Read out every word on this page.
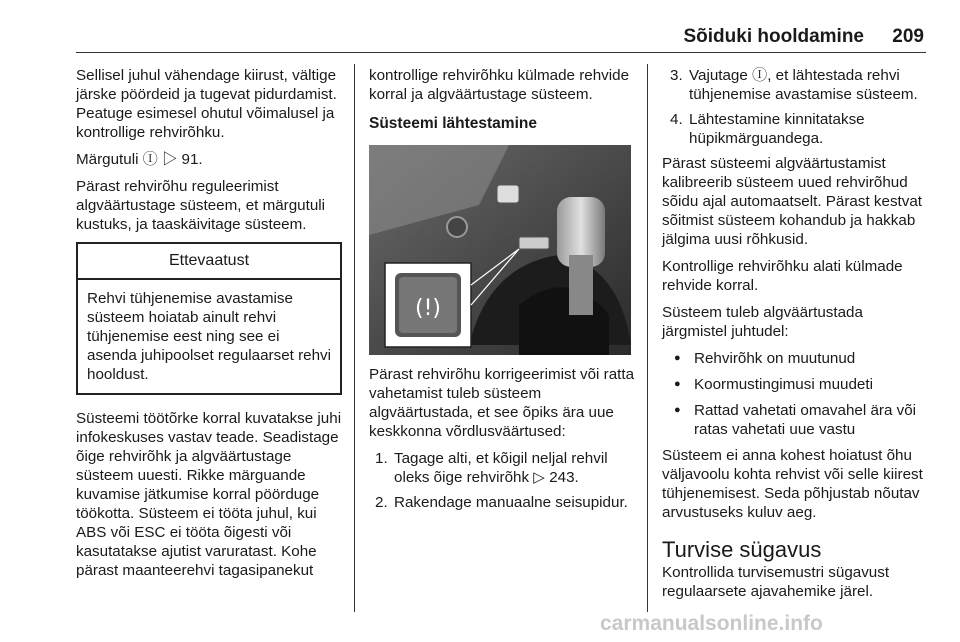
Sõiduki hooldamine 209

Sellisel juhul vähendage kiirust, vältige järske pöördeid ja tugevat pidurdamist. Peatuge esimesel ohutul võimalusel ja kontrollige rehvirõhku.

Märgutuli Ⓘ ▷ 91.

Pärast rehvirõhu reguleerimist algväärtustage süsteem, et märgutuli kustuks, ja taaskäivitage süsteem.

Ettevaatust
Rehvi tühjenemise avastamise süsteem hoiatab ainult rehvi tühjenemise eest ning see ei asenda juhipoolset regulaarset rehvi hooldust.

Süsteemi töötõrke korral kuvatakse juhi infokeskuses vastav teade. Seadistage õige rehvirõhk ja algväärtustage süsteem uuesti. Rikke märguande kuvamise jätkumise korral pöörduge töökotta. Süsteem ei tööta juhul, kui ABS või ESC ei tööta õigesti või kasutatakse ajutist varuratast. Kohe pärast maanteerehvi tagasipanekut

kontrollige rehvirõhku külmade rehvide korral ja algväärtustage süsteem.

Süsteemi lähtestamine
(!)

Pärast rehvirõhu korrigeerimist või ratta vahetamist tuleb süsteem algväärtustada, et see õpiks ära uue keskkonna võrdlusväärtused:

1. Tagage alti, et kõigil neljal rehvil oleks õige rehvirõhk ▷ 243.
2. Rakendage manuaalne seisupidur.
3. Vajutage Ⓘ, et lähtestada rehvi tühjenemise avastamise süsteem.
4. Lähtestamine kinnitatakse hüpikmärguandega.

Pärast süsteemi algväärtustamist kalibreerib süsteem uued rehvirõhud sõidu ajal automaatselt. Pärast kestvat sõitmist süsteem kohandub ja hakkab jälgima uusi rõhkusid.

Kontrollige rehvirõhku alati külmade rehvide korral.

Süsteem tuleb algväärtustada järgmistel juhtudel:

● Rehvirõhk on muutunud
● Koormustingimusi muudeti
● Rattad vahetati omavahel ära või ratas vahetati uue vastu

Süsteem ei anna kohest hoiatust õhu väljavoolu kohta rehvist või selle kiirest tühjenemisest. Seda põhjustab nõutav arvustuseks kuluv aeg.

Turvise sügavus

Kontrollida turvisemustri sügavust regulaarsete ajavahemike järel.

carmanualsonline.info
